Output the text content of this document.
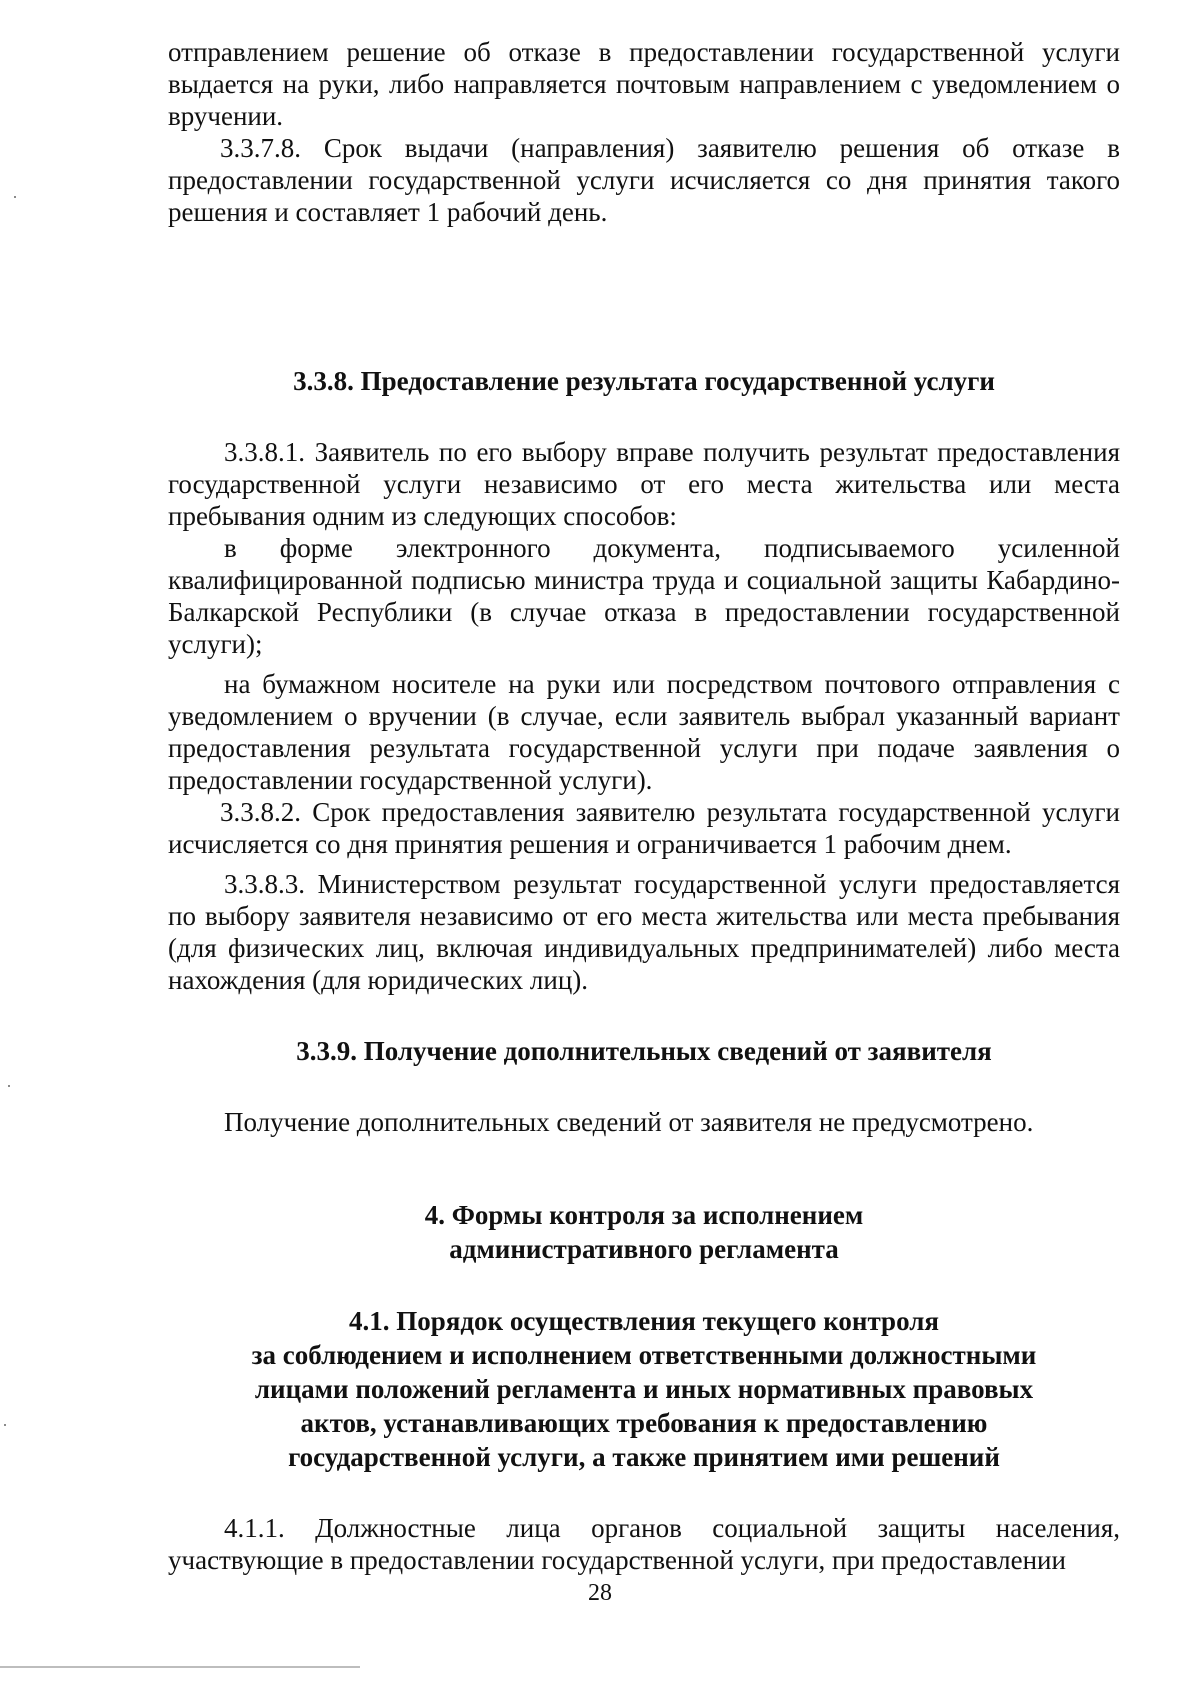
отправлением решение об отказе в предоставлении государственной услуги выдается на руки, либо направляется почтовым направлением с уведомлением о вручении.

3.3.7.8. Срок выдачи (направления) заявителю решения об отказе в предоставлении государственной услуги исчисляется со дня принятия такого решения и составляет 1 рабочий день.

3.3.8. Предоставление результата государственной услуги

3.3.8.1. Заявитель по его выбору вправе получить результат предоставления государственной услуги независимо от его места жительства или места пребывания одним из следующих способов:

в форме электронного документа, подписываемого усиленной квалифицированной подписью министра труда и социальной защиты Кабардино-Балкарской Республики (в случае отказа в предоставлении государственной услуги);

на бумажном носителе на руки или посредством почтового отправления с уведомлением о вручении (в случае, если заявитель выбрал указанный вариант предоставления результата государственной услуги при подаче заявления о предоставлении государственной услуги).

3.3.8.2. Срок предоставления заявителю результата государственной услуги исчисляется со дня принятия решения и ограничивается 1 рабочим днем.

3.3.8.3. Министерством результат государственной услуги предоставляется по выбору заявителя независимо от его места жительства или места пребывания (для физических лиц, включая индивидуальных предпринимателей) либо места нахождения (для юридических лиц).

3.3.9. Получение дополнительных сведений от заявителя

Получение дополнительных сведений от заявителя не предусмотрено.

4. Формы контроля за исполнением
административного регламента
4.1. Порядок осуществления текущего контроля
за соблюдением и исполнением ответственными должностными
лицами положений регламента и иных нормативных правовых
актов, устанавливающих требования к предоставлению
государственной услуги, а также принятием ими решений

4.1.1. Должностные лица органов социальной защиты населения, участвующие в предоставлении государственной услуги, при предоставлении

28
